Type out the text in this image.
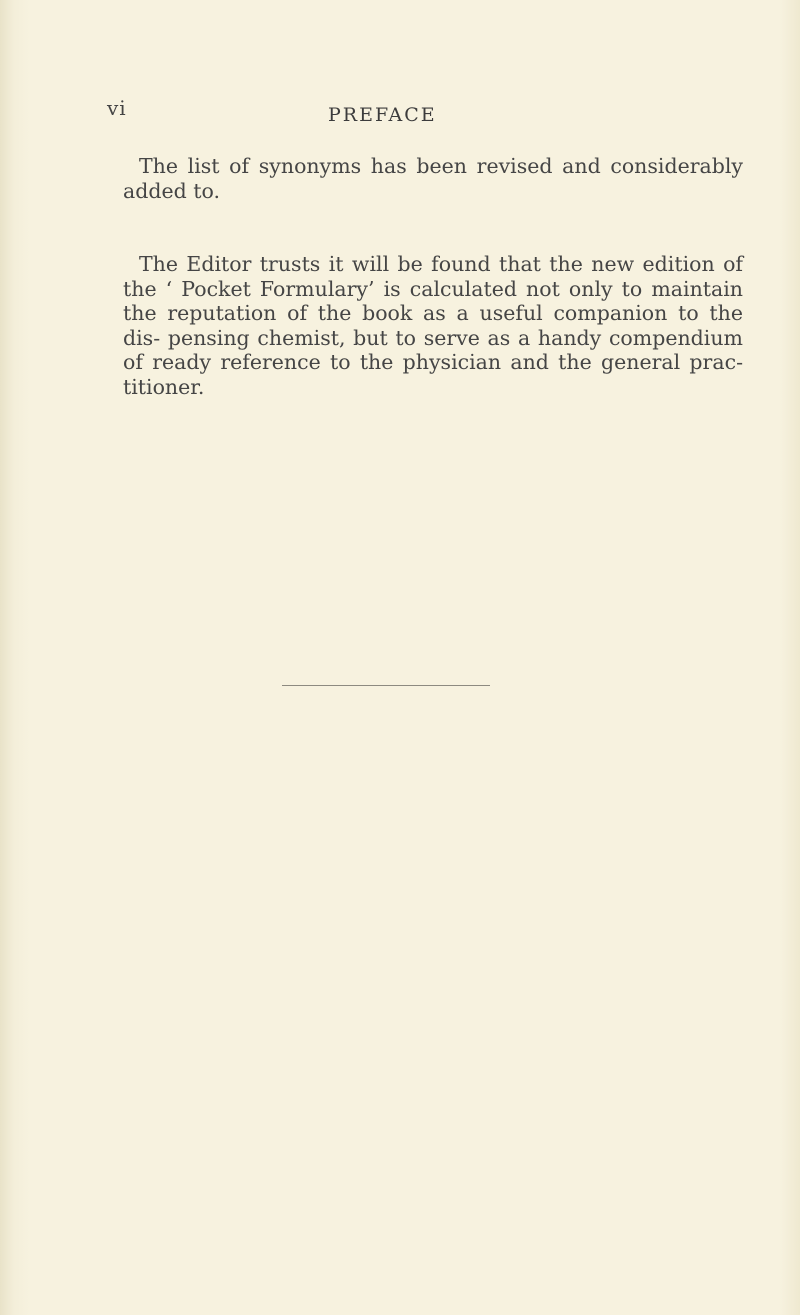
vi	PREFACE

The list of synonyms has been revised and considerably added to.

The Editor trusts it will be found that the new edition of the ‘ Pocket Formulary’ is calculated not only to maintain the reputation of the book as a useful companion to the dis- pensing chemist, but to serve as a handy compendium of ready reference to the physician and the general prac- titioner.
